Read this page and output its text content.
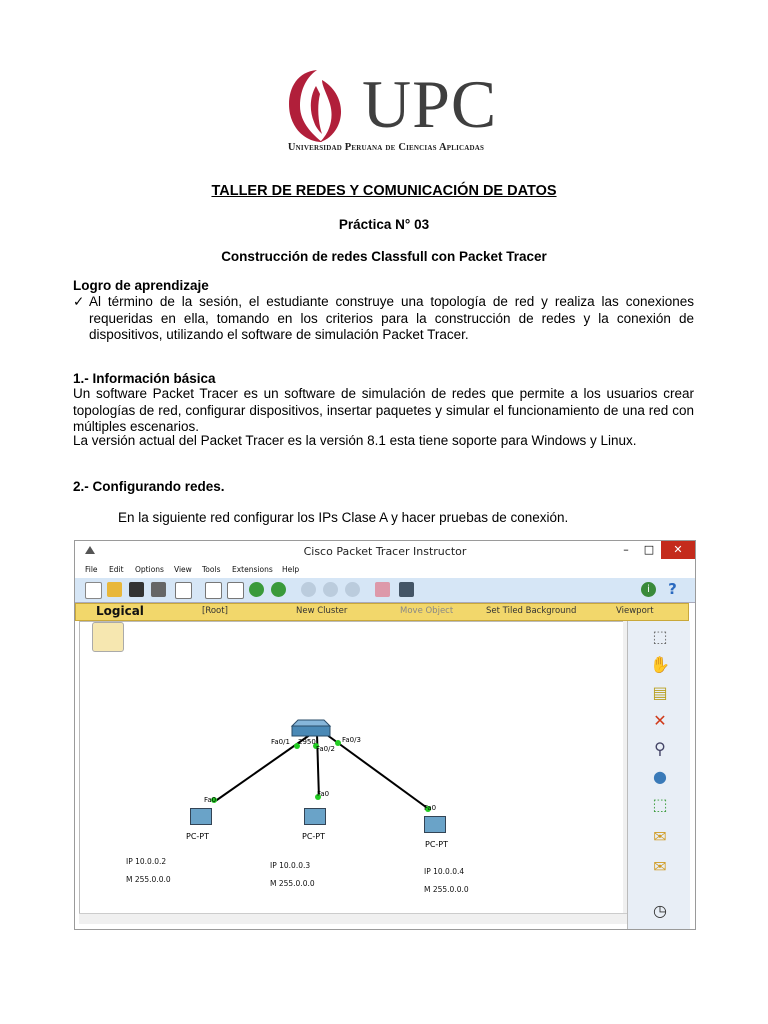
UPC
Universidad Peruana de Ciencias Aplicadas
TALLER DE REDES Y COMUNICACIÓN DE DATOS
Práctica N° 03
Construcción de redes Classfull con Packet Tracer
Logro de aprendizaje
✓ Al término de la sesión, el estudiante construye una topología de red y realiza las conexiones requeridas en ella, tomando en los criterios para la construcción de redes y la conexión de dispositivos, utilizando el software de simulación Packet Tracer.
1.- Información básica
Un software Packet Tracer es un software de simulación de redes que permite a los usuarios crear topologías de red, configurar dispositivos, insertar paquetes y simular el funcionamiento de una red con múltiples escenarios.
La versión actual del Packet Tracer es la versión 8.1 esta tiene soporte para Windows y Linux.
2.- Configurando redes.
En la siguiente red configurar los IPs Clase A y hacer pruebas de conexión.
Cisco Packet Tracer Instructor	–	□	✕
File Edit Options View Tools Extensions Help
i	?
Logical	[Root]	New Cluster	Move Object	Set Tiled Background	Viewport
Fa0/1 2950
Fa0/2
Fa0/3
Fa0
PC-PT
IP 10.0.0.2
M 255.0.0.0
Fa0
PC-PT
IP 10.0.0.3
M 255.0.0.0
Fa0
PC-PT
IP 10.0.0.4
M 255.0.0.0
⬚
✋
▤
✕
⚲
●
⬚
✉
✉
◷
